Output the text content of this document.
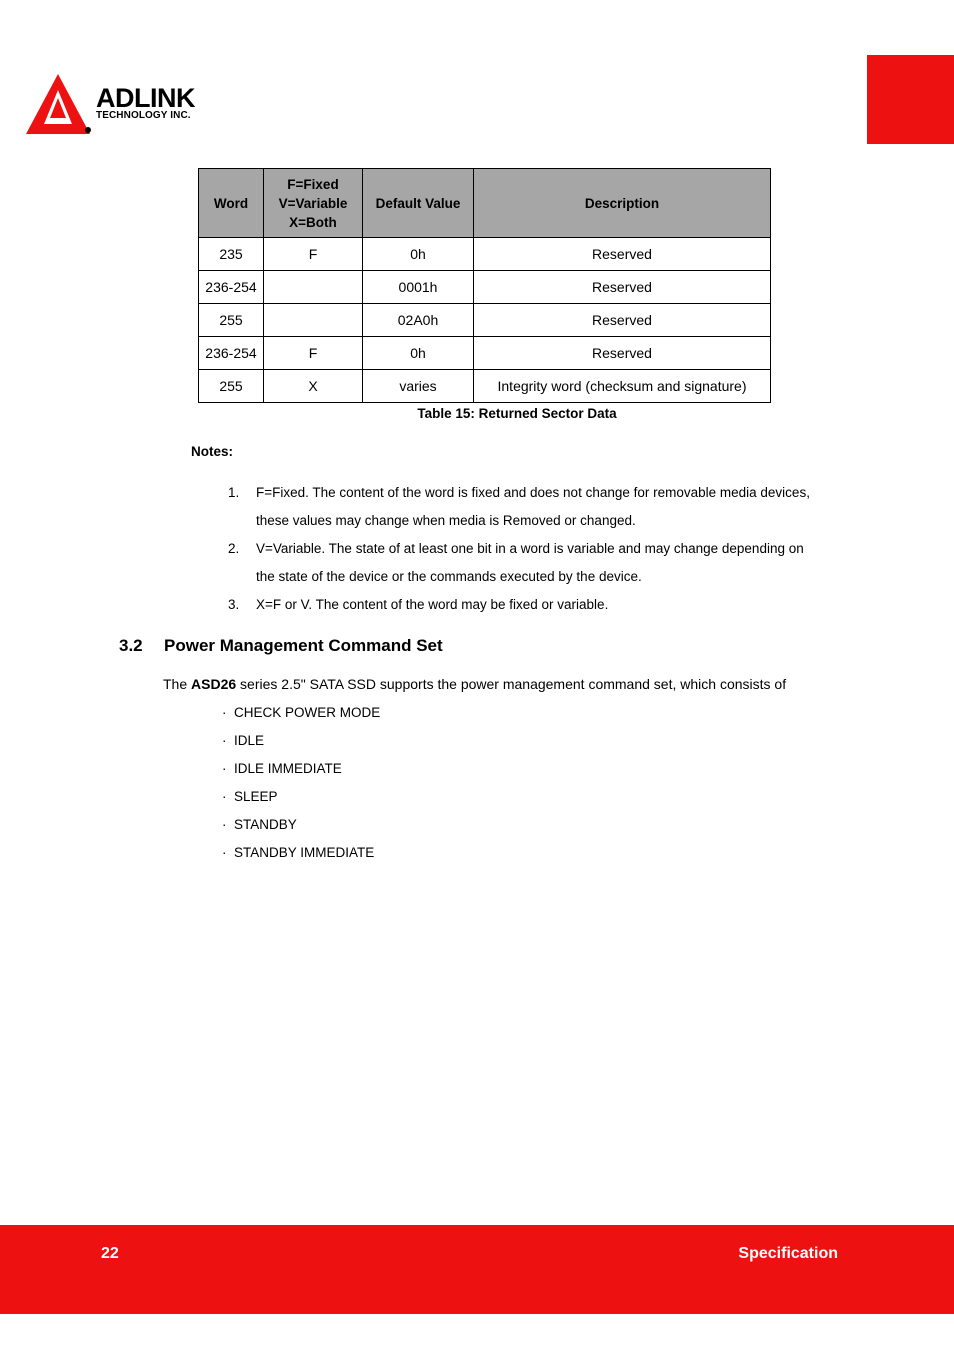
ADLINK
TECHNOLOGY INC.
Word	F=Fixed
V=Variable
X=Both	Default Value	Description
235	F	0h	Reserved
236-254		0001h	Reserved
255		02A0h	Reserved
236-254	F	0h	Reserved
255	X	varies	Integrity word (checksum and signature)
Table 15: Returned Sector Data
Notes:
1. F=Fixed. The content of the word is fixed and does not change for removable media devices,
these values may change when media is Removed or changed.
2. V=Variable. The state of at least one bit in a word is variable and may change depending on
the state of the device or the commands executed by the device.
3. X=F or V. The content of the word may be fixed or variable.
3.2 Power Management Command Set
The ASD26 series 2.5" SATA SSD supports the power management command set, which consists of
· CHECK POWER MODE
· IDLE
· IDLE IMMEDIATE
· SLEEP
· STANDBY
· STANDBY IMMEDIATE
22	Specification
